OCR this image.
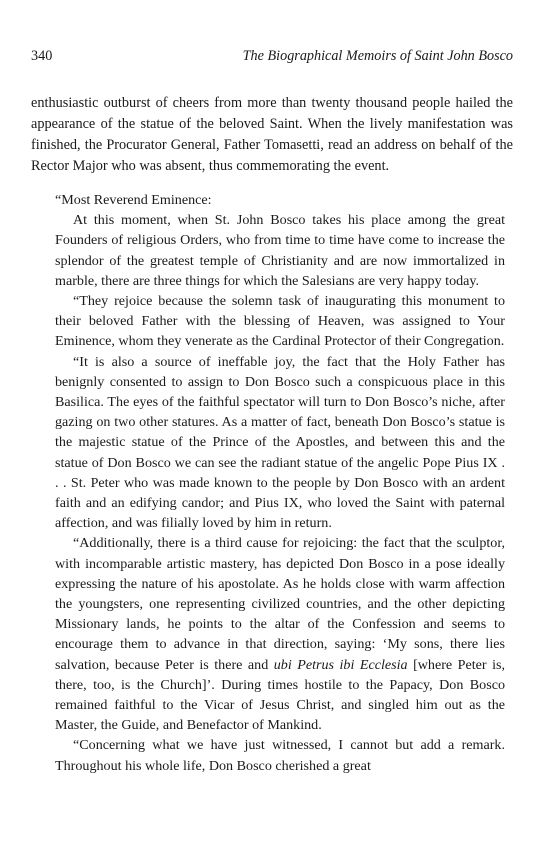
340	The Biographical Memoirs of Saint John Bosco

enthusiastic outburst of cheers from more than twenty thousand people hailed the appearance of the statue of the beloved Saint. When the lively manifestation was finished, the Procurator General, Father Tomasetti, read an address on behalf of the Rector Major who was absent, thus commemorating the event.

“Most Reverend Eminence:

At this moment, when St. John Bosco takes his place among the great Founders of religious Orders, who from time to time have come to increase the splendor of the greatest temple of Christianity and are now immortalized in marble, there are three things for which the Salesians are very happy today.

“They rejoice because the solemn task of inaugurating this monument to their beloved Father with the blessing of Heaven, was assigned to Your Eminence, whom they venerate as the Cardinal Protector of their Congregation.

“It is also a source of ineffable joy, the fact that the Holy Father has benignly consented to assign to Don Bosco such a conspicuous place in this Basilica. The eyes of the faithful spectator will turn to Don Bosco’s niche, after gazing on two other statures. As a matter of fact, beneath Don Bosco’s statue is the majestic statue of the Prince of the Apostles, and between this and the statue of Don Bosco we can see the radiant statue of the angelic Pope Pius IX . . . St. Peter who was made known to the people by Don Bosco with an ardent faith and an edifying candor; and Pius IX, who loved the Saint with paternal affection, and was filially loved by him in return.

“Additionally, there is a third cause for rejoicing: the fact that the sculptor, with incomparable artistic mastery, has depicted Don Bosco in a pose ideally expressing the nature of his apostolate. As he holds close with warm affection the youngsters, one representing civilized countries, and the other depicting Missionary lands, he points to the altar of the Confession and seems to encourage them to advance in that direction, saying: ‘My sons, there lies salvation, because Peter is there and ubi Petrus ibi Ecclesia [where Peter is, there, too, is the Church]’. During times hostile to the Papacy, Don Bosco remained faithful to the Vicar of Jesus Christ, and singled him out as the Master, the Guide, and Benefactor of Mankind.

“Concerning what we have just witnessed, I cannot but add a remark. Throughout his whole life, Don Bosco cherished a great
